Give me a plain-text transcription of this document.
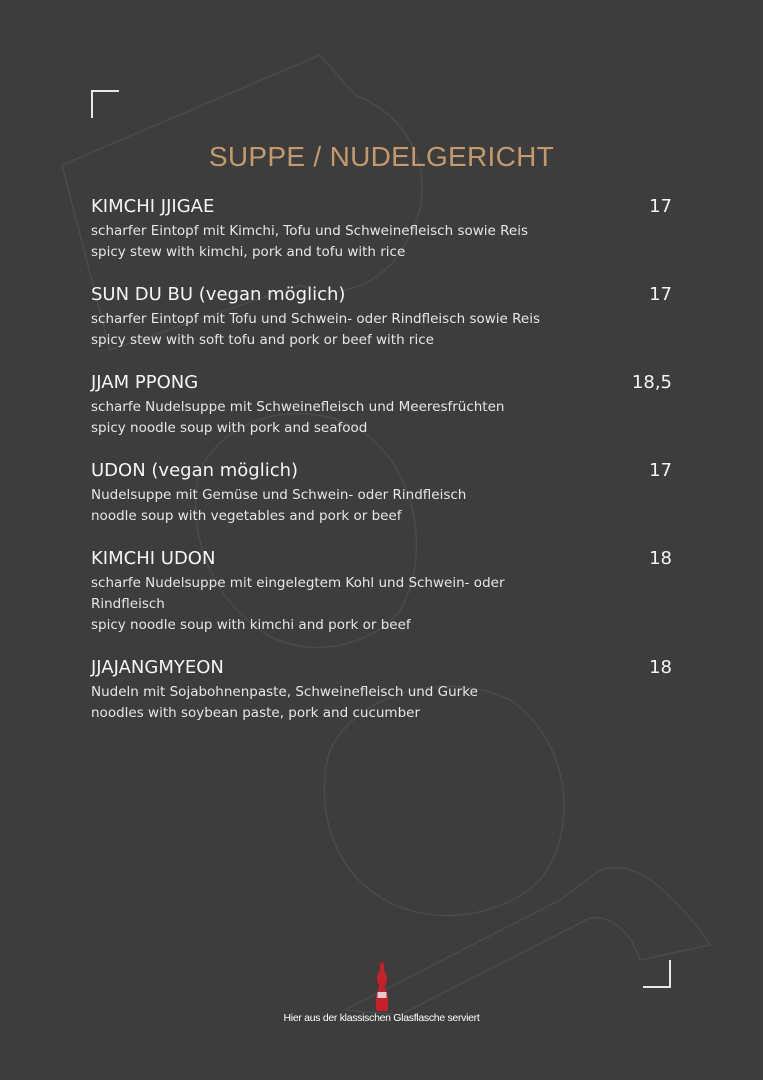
SUPPE / NUDELGERICHT
KIMCHI JJIGAE	17
scharfer Eintopf mit Kimchi, Tofu und Schweinefleisch sowie Reis
spicy stew with kimchi, pork and tofu with rice
SUN DU BU (vegan möglich)	17
scharfer Eintopf mit Tofu und Schwein- oder Rindfleisch sowie Reis
spicy stew with soft tofu and pork or beef with rice
JJAM PPONG	18,5
scharfe Nudelsuppe mit Schweinefleisch und Meeresfrüchten
spicy noodle soup with pork and seafood
UDON (vegan möglich)	17
Nudelsuppe mit Gemüse und Schwein- oder Rindfleisch
noodle soup with vegetables and pork or beef
KIMCHI UDON	18
scharfe Nudelsuppe mit eingelegtem Kohl und Schwein- oder Rindfleisch
spicy noodle soup with kimchi and pork or beef
JJAJANGMYEON	18
Nudeln mit Sojabohnenpaste, Schweinefleisch und Gurke
noodles with soybean paste, pork and cucumber
Hier aus der klassischen Glasflasche serviert
